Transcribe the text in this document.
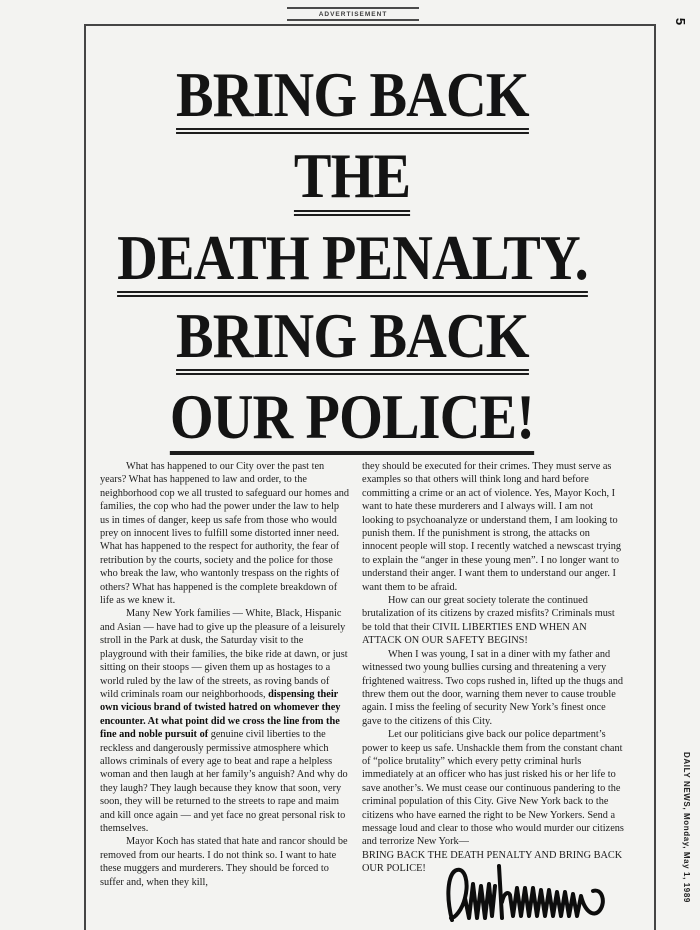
ADVERTISEMENT
5
DAILY NEWS, Monday, May 1, 1989
BRING BACK
THE
DEATH PENALTY.
BRING BACK
OUR POLICE!

What has happened to our City over the past ten years? What has happened to law and order, to the neighborhood cop we all trusted to safeguard our homes and families, the cop who had the power under the law to help us in times of danger, keep us safe from those who would prey on innocent lives to fulfill some distorted inner need. What has happened to the respect for authority, the fear of retribution by the courts, society and the police for those who break the law, who wantonly trespass on the rights of others? What has happened is the complete breakdown of life as we knew it.

Many New York families — White, Black, Hispanic and Asian — have had to give up the pleasure of a leisurely stroll in the Park at dusk, the Saturday visit to the playground with their families, the bike ride at dawn, or just sitting on their stoops — given them up as hostages to a world ruled by the law of the streets, as roving bands of wild criminals roam our neighborhoods, dispensing their own vicious brand of twisted hatred on whomever they encounter. At what point did we cross the line from the fine and noble pursuit of genuine civil liberties to the reckless and dangerously permissive atmosphere which allows criminals of every age to beat and rape a helpless woman and then laugh at her family’s anguish? And why do they laugh? They laugh because they know that soon, very soon, they will be returned to the streets to rape and maim and kill once again — and yet face no great personal risk to themselves.

Mayor Koch has stated that hate and rancor should be removed from our hearts. I do not think so. I want to hate these muggers and murderers. They should be forced to suffer and, when they kill,

they should be executed for their crimes. They must serve as examples so that others will think long and hard before committing a crime or an act of violence. Yes, Mayor Koch, I want to hate these murderers and I always will. I am not looking to psychoanalyze or understand them, I am looking to punish them. If the punishment is strong, the attacks on innocent people will stop. I recently watched a newscast trying to explain the “anger in these young men”. I no longer want to understand their anger. I want them to understand our anger. I want them to be afraid.

How can our great society tolerate the continued brutalization of its citizens by crazed misfits? Criminals must be told that their CIVIL LIBERTIES END WHEN AN ATTACK ON OUR SAFETY BEGINS!

When I was young, I sat in a diner with my father and witnessed two young bullies cursing and threatening a very frightened waitress. Two cops rushed in, lifted up the thugs and threw them out the door, warning them never to cause trouble again. I miss the feeling of security New York’s finest once gave to the citizens of this City.

Let our politicians give back our police department’s power to keep us safe. Unshackle them from the constant chant of “police brutality” which every petty criminal hurls immediately at an officer who has just risked his or her life to save another’s. We must cease our continuous pandering to the criminal population of this City. Give New York back to the citizens who have earned the right to be New Yorkers. Send a message loud and clear to those who would murder our citizens and terrorize New York—

BRING BACK THE DEATH PENALTY AND BRING BACK OUR POLICE!
